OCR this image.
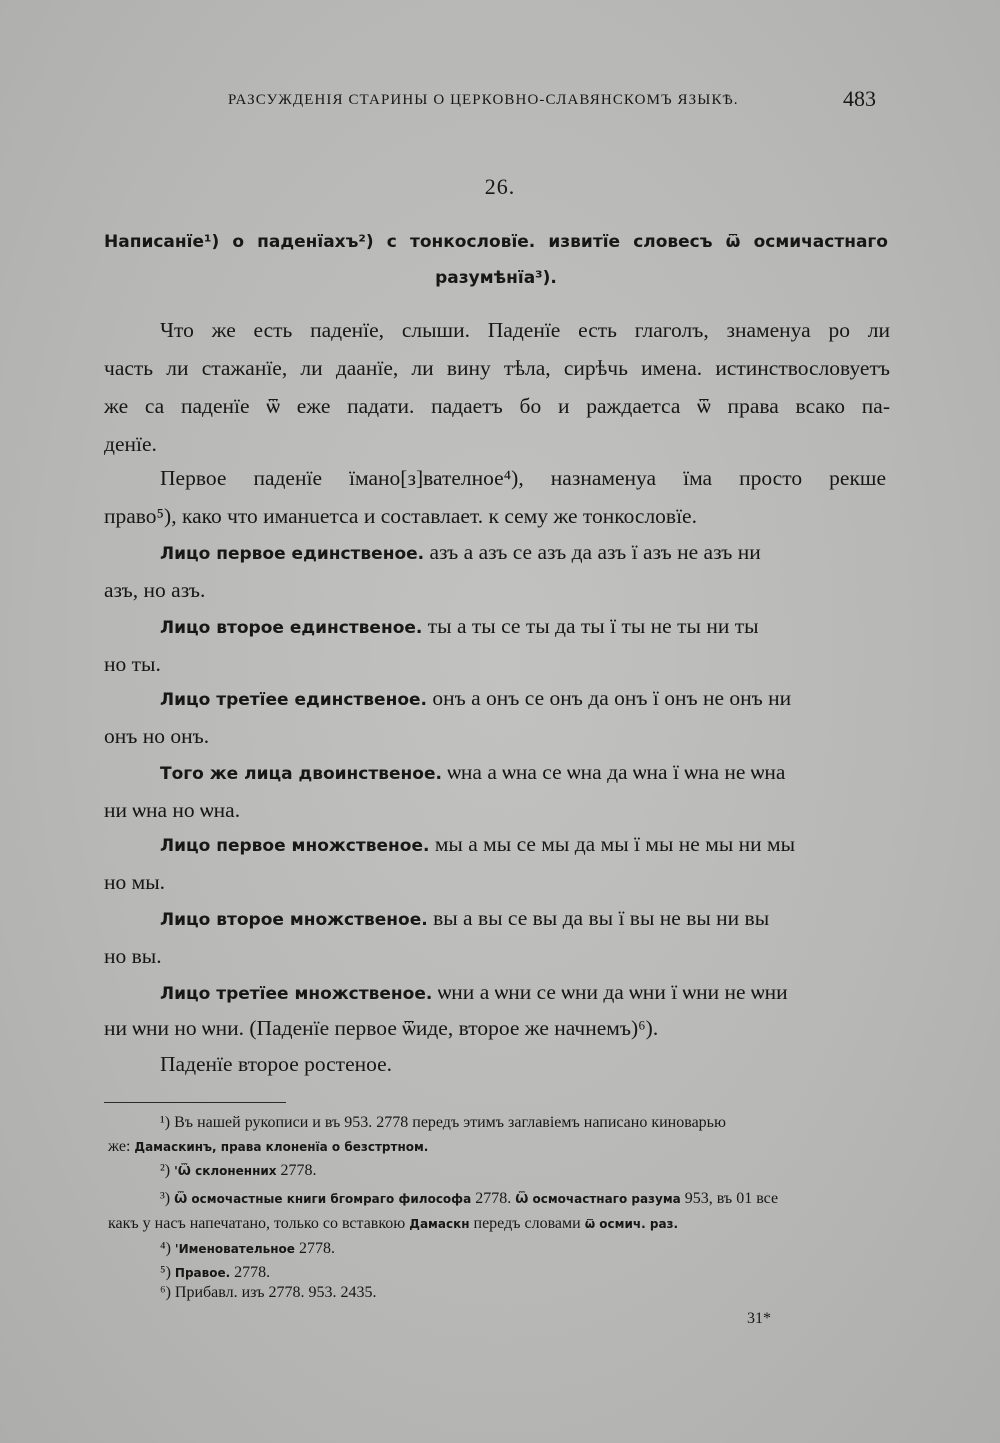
РАЗСУЖДЕНІЯ СТАРИНЫ О ЦЕРКОВНО-СЛАВЯНСКОМЪ ЯЗЫКѢ.	483
26.
Написанїе¹) о паденїахъ²) с тонкословїе. извитїе словесъ ѿ осмичастнаго
разумѣнїа³).
Что же есть паденїе, слыши. Паденїе есть глаголъ, знаменуа ро ли
часть ли стажанїе, ли даанїе, ли вину тѣла, сирѣчь имена. истинствословуетъ
же са паденїе ѿ еже падати. падаетъ бо и раждаетса ѿ права всако па-
денїе.
Первое паденїе їмано[з]вателное⁴), назнаменуа їма просто рекше
право⁵), како что иманuетса и составлает. к сему же тонкословїе.
Лицо первое единственое. азъ а азъ се азъ да азъ ї азъ не азъ ни
азъ, но азъ.
Лицо второе единственое. ты а ты се ты да ты ї ты не ты ни ты
но ты.
Лицо третїее единственое. онъ а онъ се онъ да онъ ї онъ не онъ ни
онъ но онъ.
Того же лица двоинственое. ѡна а ѡна се ѡна да ѡна ї ѡна не ѡна
ни ѡна но ѡна.
Лицо первое множственое. мы а мы се мы да мы ї мы не мы ни мы
но мы.
Лицо второе множственое. вы а вы се вы да вы ї вы не вы ни вы
но вы.
Лицо третїее множственое. ѡни а ѡни се ѡни да ѡни ї ѡни не ѡни
ни ѡни но ѡни. (Паденїе первое ѿиде, второе же начнемъ)⁶).
Паденїе второе ростеное.
¹) Въ нашей рукописи и въ 953. 2778 передъ этимъ заглавіемъ написано киноварью
же: Дамаскинъ, права клоненїа о безстртном.
²) 'Ѿ склоненних 2778.
³) Ѿ осмочастные книги бгомраго философа 2778. Ѿ осмочастнаго разума 953, въ 01 все
какъ у насъ напечатано, только со вставкою Дамаскн передъ словами ѿ осмич. раз.
⁴) 'Именовательное 2778.
⁵) Правое. 2778.
⁶) Прибавл. изъ 2778. 953. 2435.
31*
